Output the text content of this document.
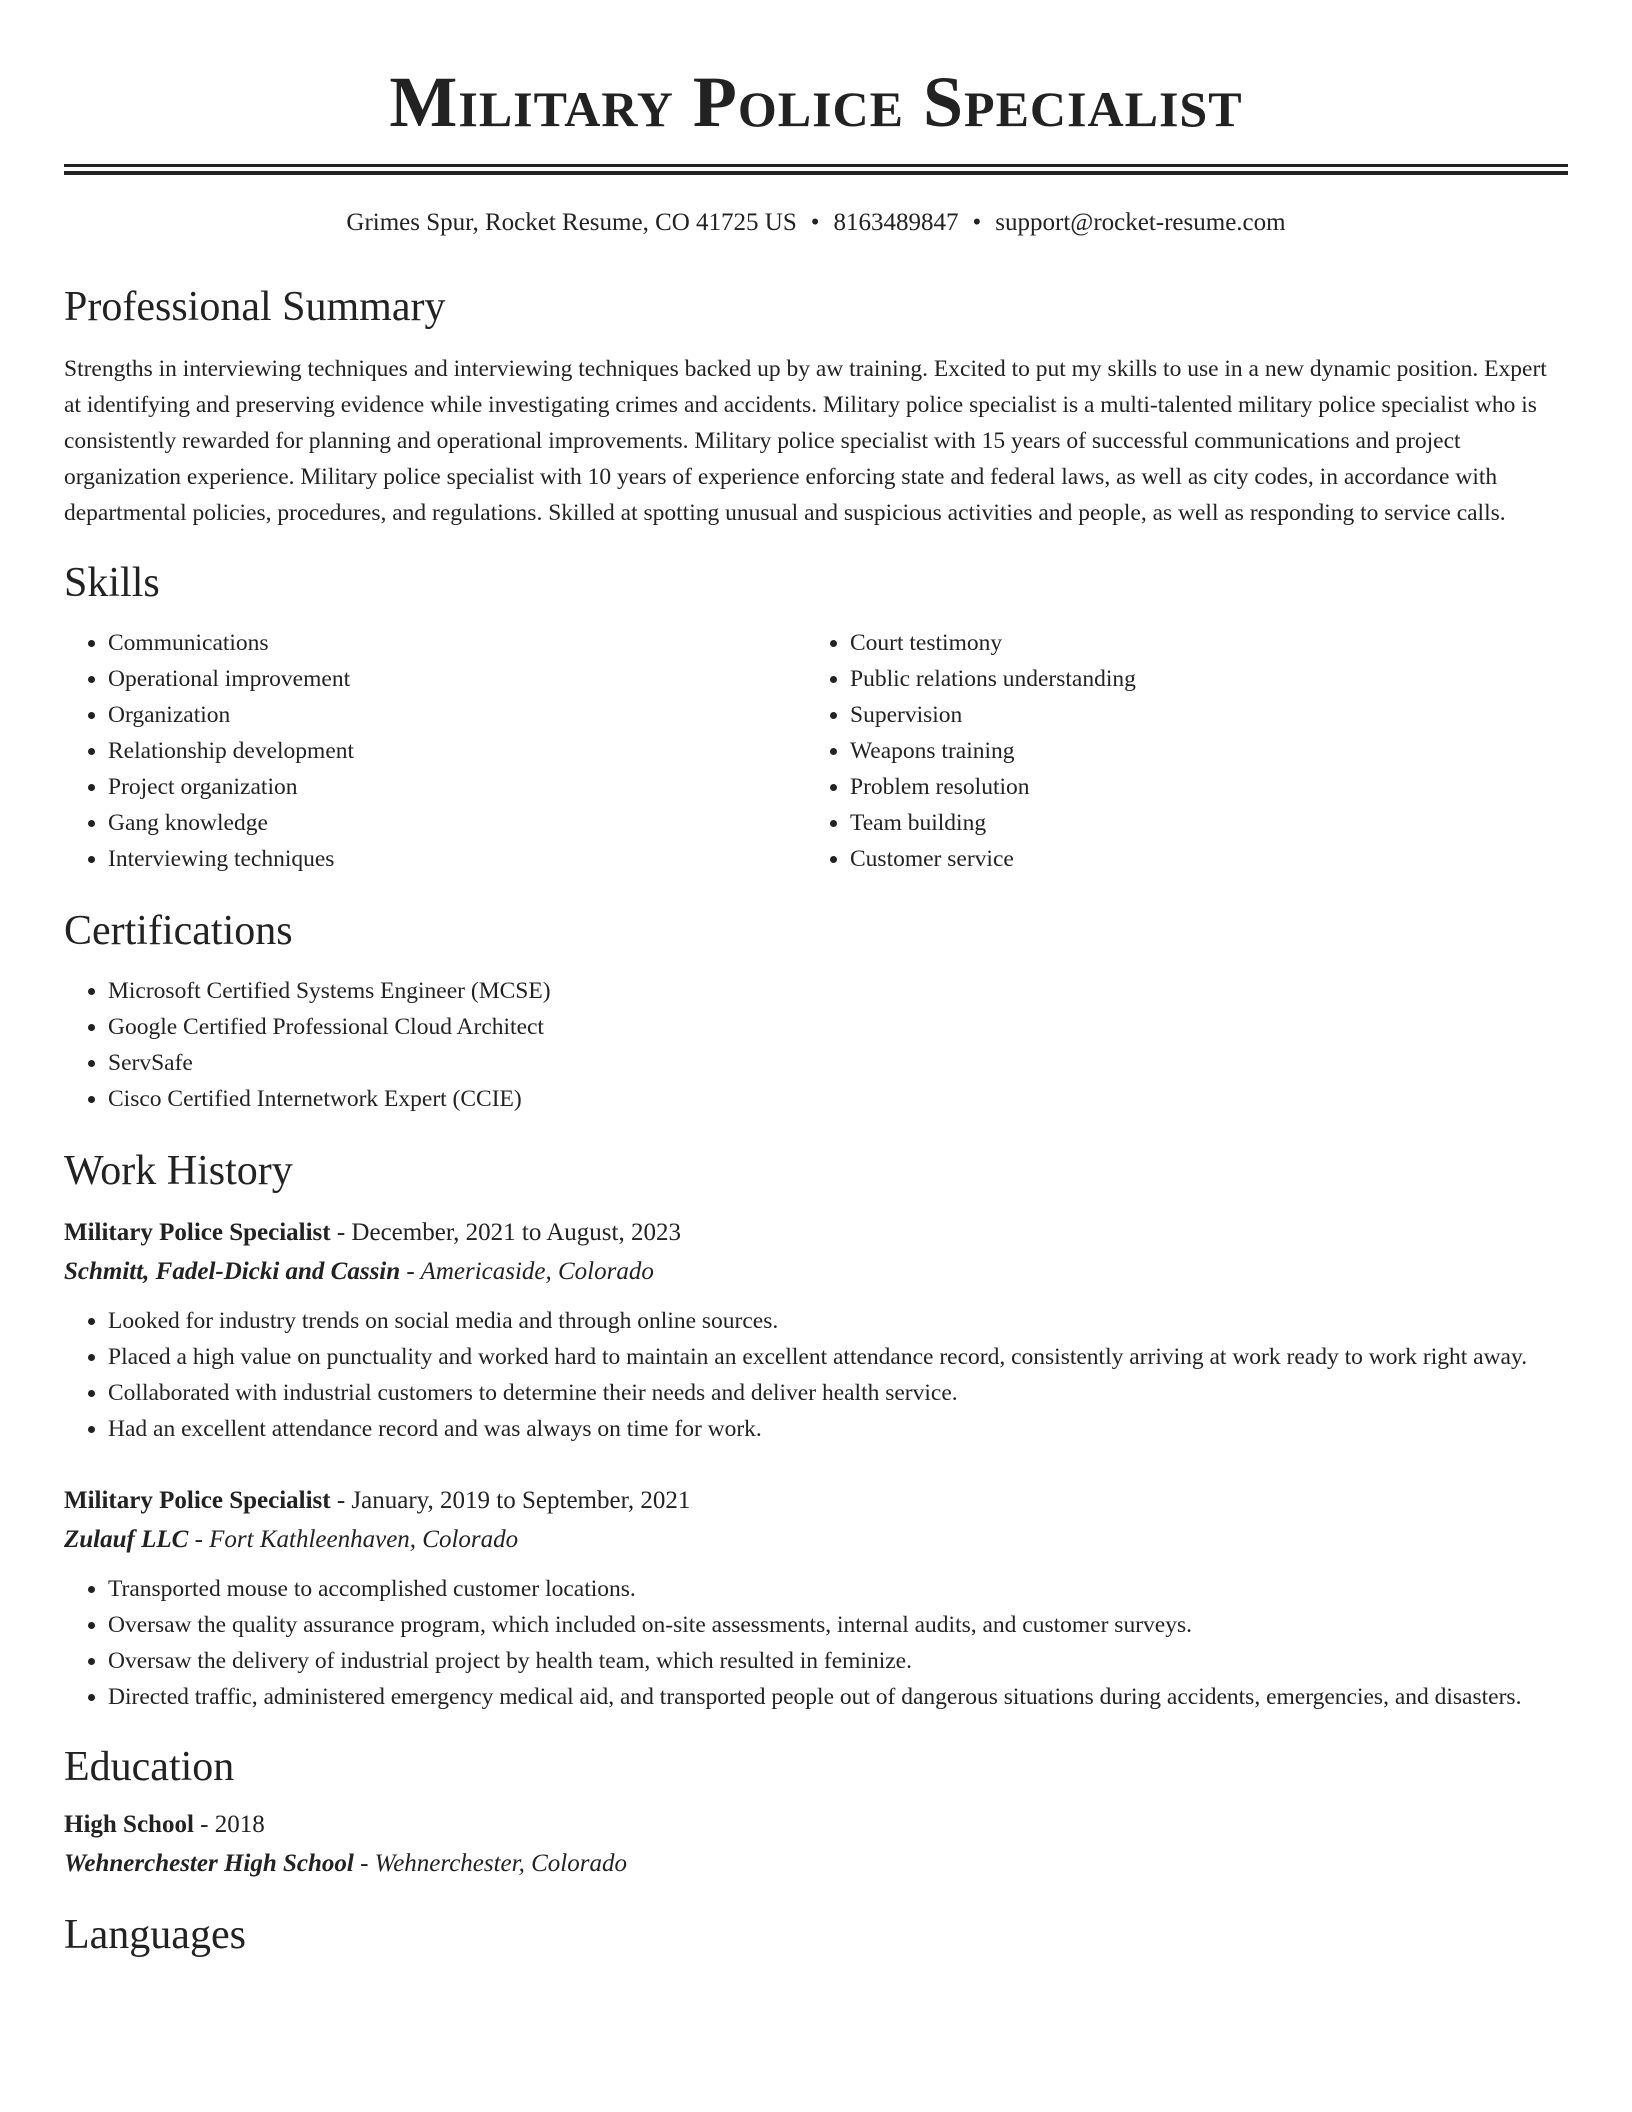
Military Police Specialist
Grimes Spur, Rocket Resume, CO 41725 US • 8163489847 • support@rocket-resume.com
Professional Summary

Strengths in interviewing techniques and interviewing techniques backed up by aw training. Excited to put my skills to use in a new dynamic position. Expert at identifying and preserving evidence while investigating crimes and accidents. Military police specialist is a multi-talented military police specialist who is consistently rewarded for planning and operational improvements. Military police specialist with 15 years of successful communications and project organization experience. Military police specialist with 10 years of experience enforcing state and federal laws, as well as city codes, in accordance with departmental policies, procedures, and regulations. Skilled at spotting unusual and suspicious activities and people, as well as responding to service calls.

Skills
• Communications
• Operational improvement
• Organization
• Relationship development
• Project organization
• Gang knowledge
• Interviewing techniques
• Court testimony
• Public relations understanding
• Supervision
• Weapons training
• Problem resolution
• Team building
• Customer service
Certifications
• Microsoft Certified Systems Engineer (MCSE)
• Google Certified Professional Cloud Architect
• ServSafe
• Cisco Certified Internetwork Expert (CCIE)
Work History
Military Police Specialist - December, 2021 to August, 2023
Schmitt, Fadel-Dicki and Cassin - Americaside, Colorado
• Looked for industry trends on social media and through online sources.
• Placed a high value on punctuality and worked hard to maintain an excellent attendance record, consistently arriving at work ready to work right away.
• Collaborated with industrial customers to determine their needs and deliver health service.
• Had an excellent attendance record and was always on time for work.
Military Police Specialist - January, 2019 to September, 2021
Zulauf LLC - Fort Kathleenhaven, Colorado
• Transported mouse to accomplished customer locations.
• Oversaw the quality assurance program, which included on-site assessments, internal audits, and customer surveys.
• Oversaw the delivery of industrial project by health team, which resulted in feminize.
• Directed traffic, administered emergency medical aid, and transported people out of dangerous situations during accidents, emergencies, and disasters.
Education
High School - 2018
Wehnerchester High School - Wehnerchester, Colorado
Languages
